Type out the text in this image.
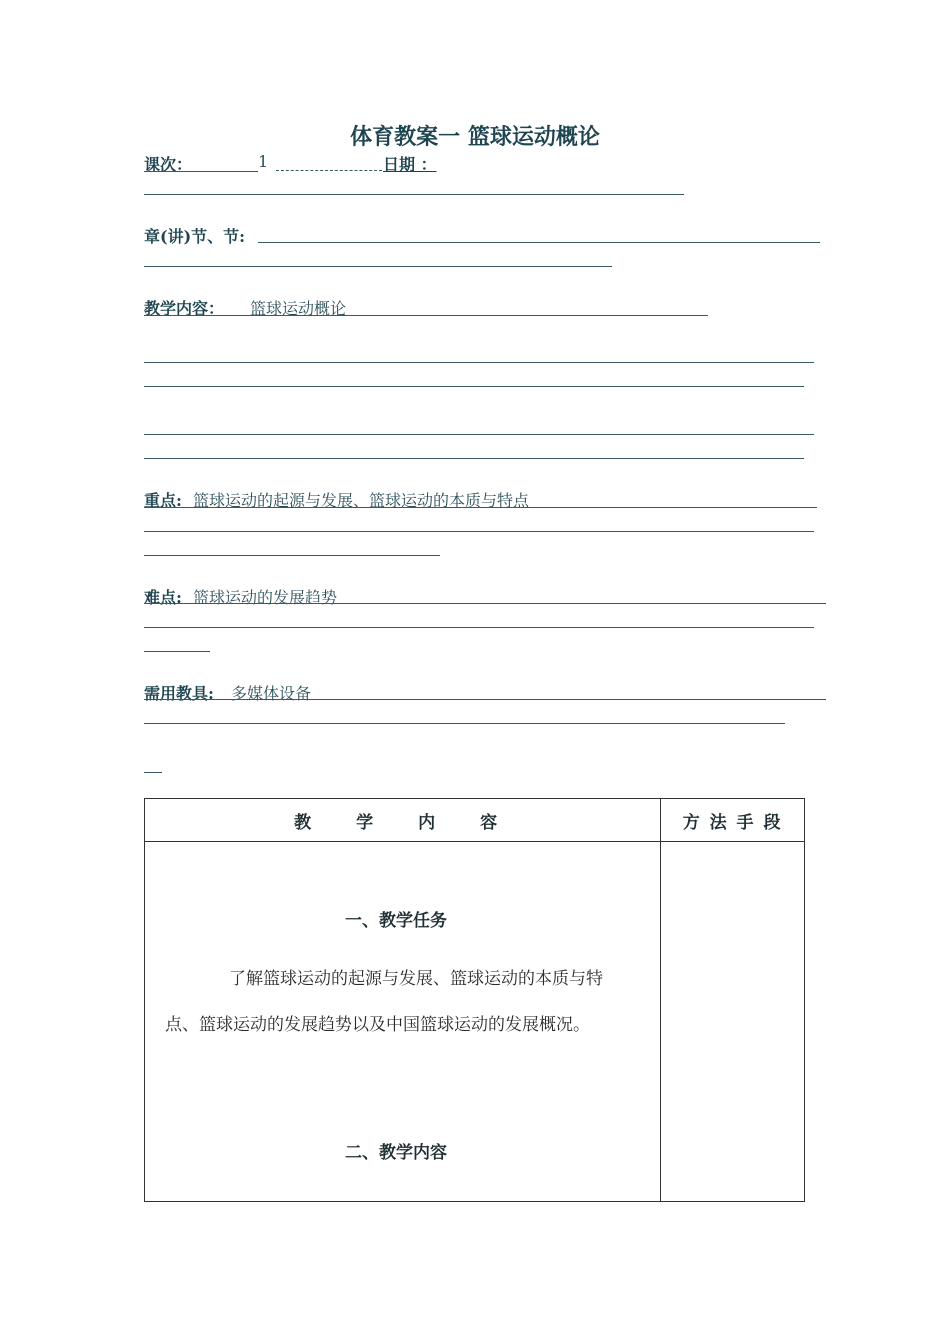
体育教案一 篮球运动概论
课次：	1	日期 ：
章(讲)节、节:
教学内容： 篮球运动概论
重点: 篮球运动的起源与发展、篮球运动的本质与特点
难点: 篮球运动的发展趋势
需用教具: 多媒体设备
教　学　内　容	方 法 手 段

一、教学任务
了解篮球运动的起源与发展、篮球运动的本质与特
点、篮球运动的发展趋势以及中国篮球运动的发展概况。
二、教学内容	
